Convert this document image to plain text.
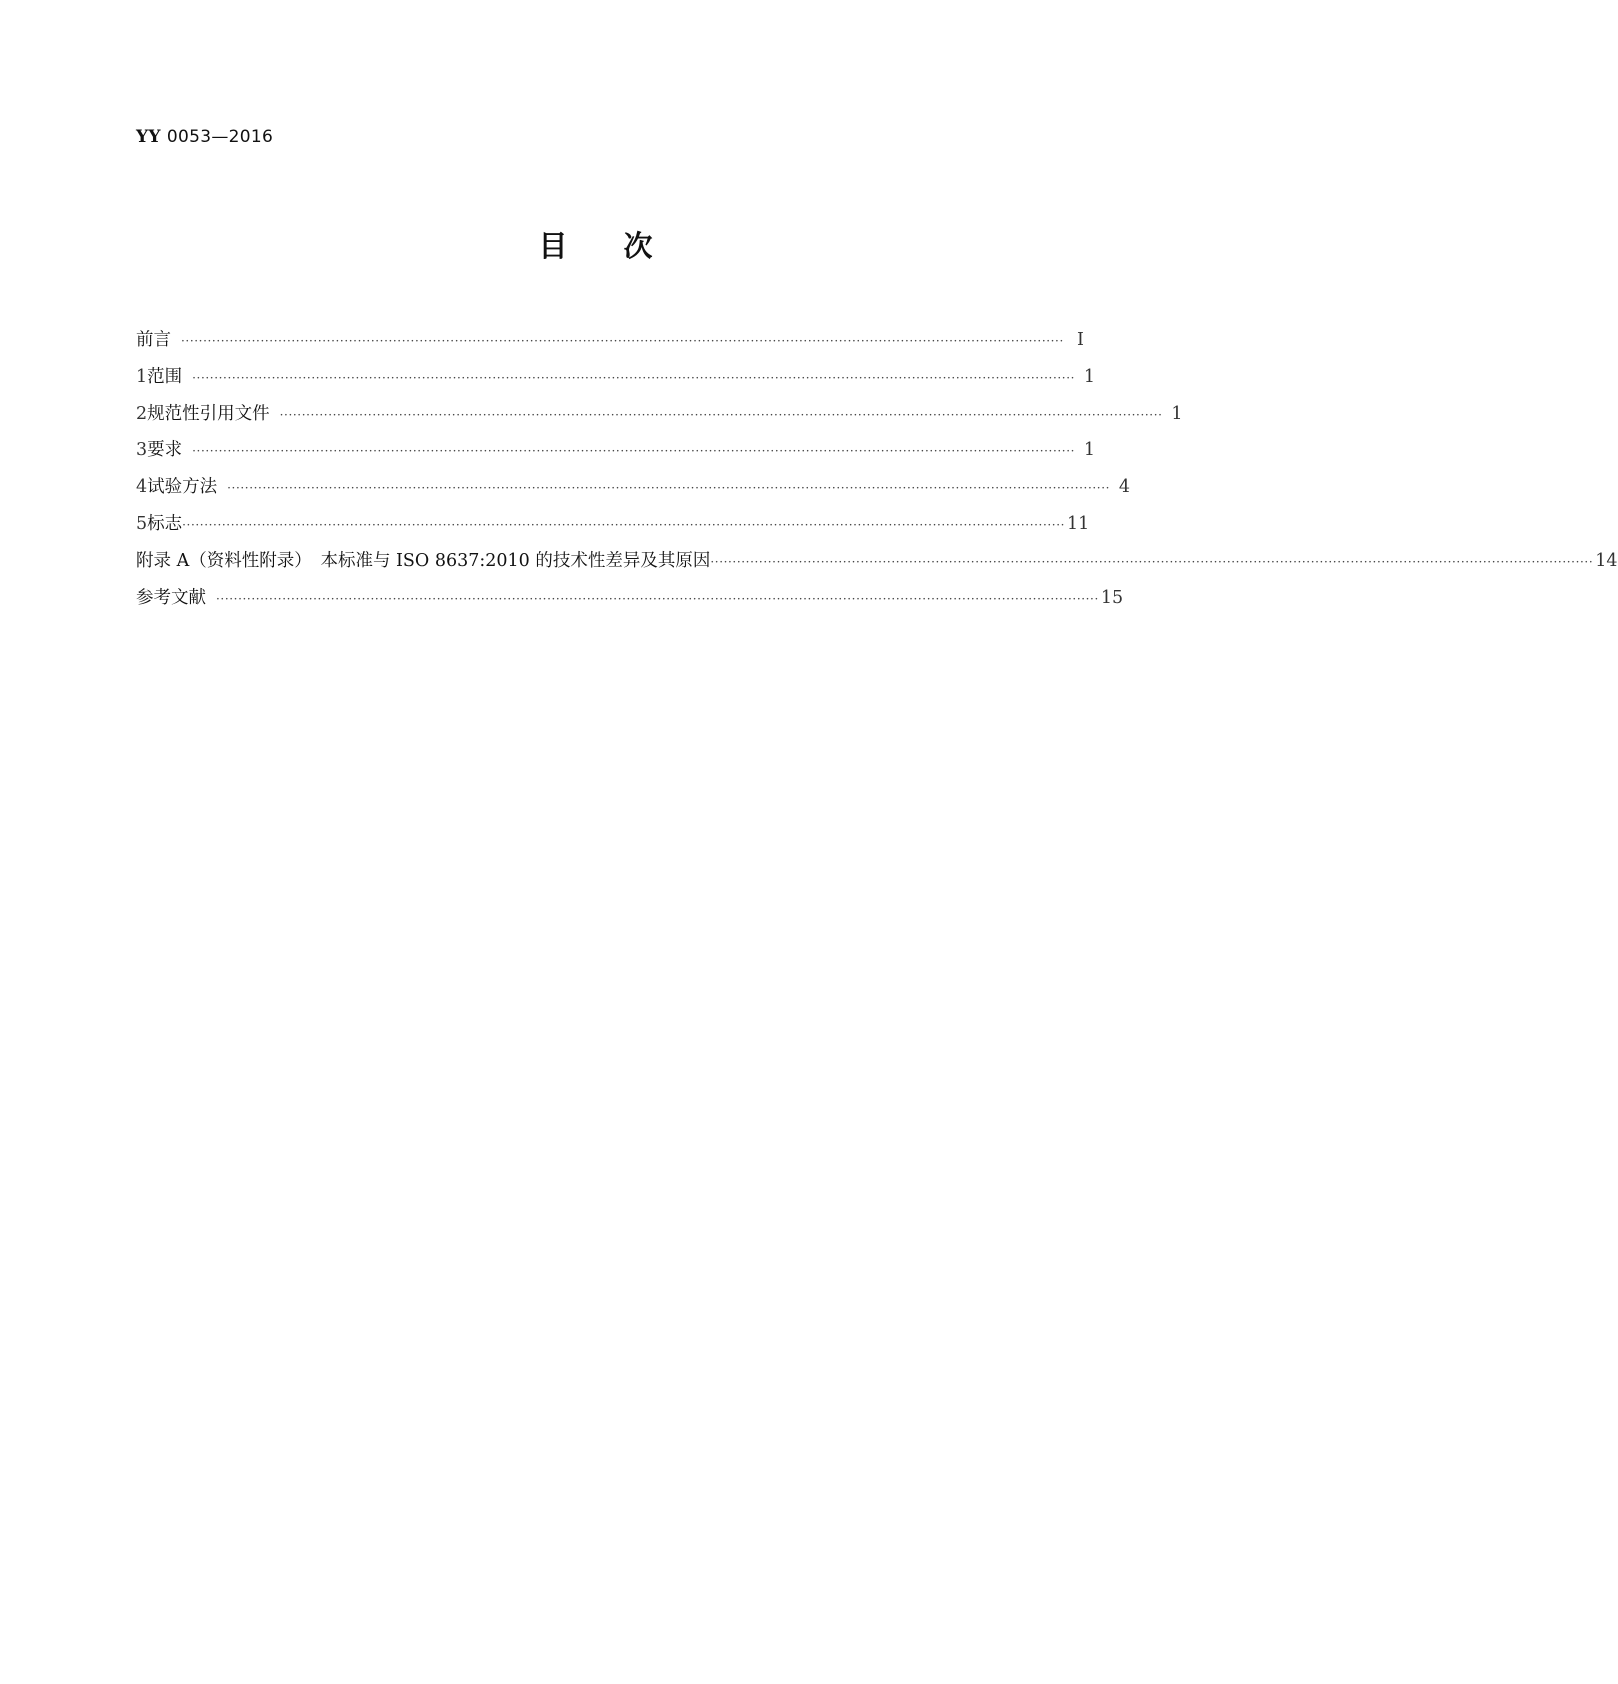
YY 0053—2016
目 次
前言 ········································································································································································································ Ⅰ
1 范围 ········································································································································································································ 1
2 规范性引用文件 ········································································································································································································ 1
3 要求 ········································································································································································································ 1
4 试验方法 ········································································································································································································ 4
5 标志 ········································································································································································································ 11
附录 A（资料性附录）　本标准与 ISO 8637:2010 的技术性差异及其原因 ········································································································································································································ 14
参考文献 ········································································································································································································ 15
